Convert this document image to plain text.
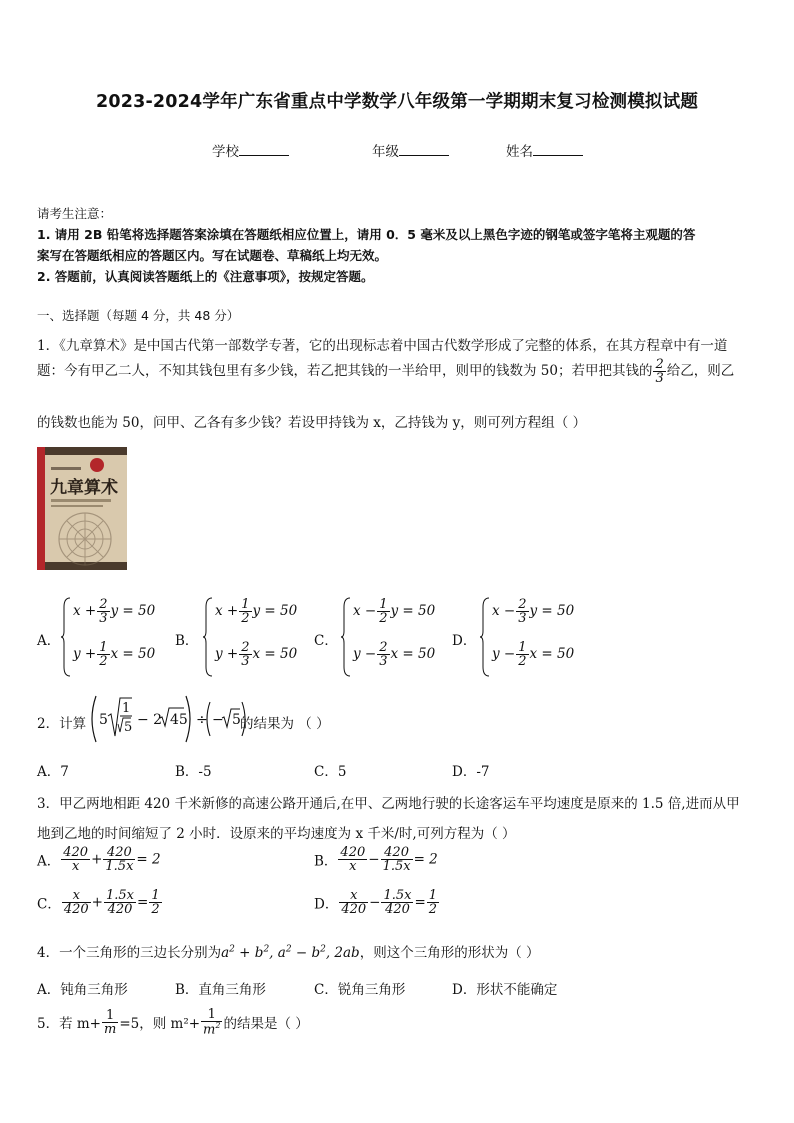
2023-2024学年广东省重点中学数学八年级第一学期期末复习检测模拟试题
学校	年级	姓名
请考生注意：
1. 请用 2B 铅笔将选择题答案涂填在答题纸相应位置上，请用 0．5 毫米及以上黑色字迹的钢笔或签字笔将主观题的答
案写在答题纸相应的答题区内。写在试题卷、草稿纸上均无效。
2. 答题前，认真阅读答题纸上的《注意事项》，按规定答题。
一、选择题（每题 4 分，共 48 分）
1．《九章算术》是中国古代第一部数学专著，它的出现标志着中国古代数学形成了完整的体系，在其方程章中有一道
题：今有甲乙二人，不知其钱包里有多少钱，若乙把其钱的一半给甲，则甲的钱数为 50；若甲把其钱的 $\frac{2}{3}$ 给乙，则乙
的钱数也能为 50，问甲、乙各有多少钱？若设甲持钱为 x，乙持钱为 y，则可列方程组（ ）
九章算术
A．
$x + \frac{2}{3}$ y = 50
$y + \frac{1}{2}$ x = 50
B．
$x + \frac{1}{2}$ y = 50
$y + \frac{2}{3}$ x = 50
C．
$x - \frac{1}{2}$ y = 50
$y - \frac{2}{3}$ x = 50
D．
$x - \frac{2}{3}$ y = 50
$y - \frac{1}{2}$ x = 50
2．计算 5
1
5 − 2 45 ÷ − 5 的结果为 （ ）
A．7	B．-5	C．5	D．-7
3．甲乙两地相距 420 千米新修的高速公路开通后,在甲、乙两地行驶的长途客运车平均速度是原来的 1.5 倍,进而从甲
地到乙地的时间缩短了 2 小时．设原来的平均速度为 x 千米/时,可列方程为（ ）
A． $\frac{420}{x} + \frac{420}{1.5x} = 2$	B． $\frac{420}{x} - \frac{420}{1.5x} = 2$
C． $\frac{x}{420} + \frac{1.5x}{420} = \frac{1}{2}$	D． $\frac{x}{420} - \frac{1.5x}{420} = \frac{1}{2}$
4．一个三角形的三边长分别为$a^2 + b^2$, $a^2 - b^2$, 2ab，则这个三角形的形状为（ ）
A．钝角三角形	B．直角三角形	C．锐角三角形	D．形状不能确定
5．若 $m+ \frac{1}{m} =5$，则 $m^2+ \frac{1}{m^2}$ 的结果是（ ）
